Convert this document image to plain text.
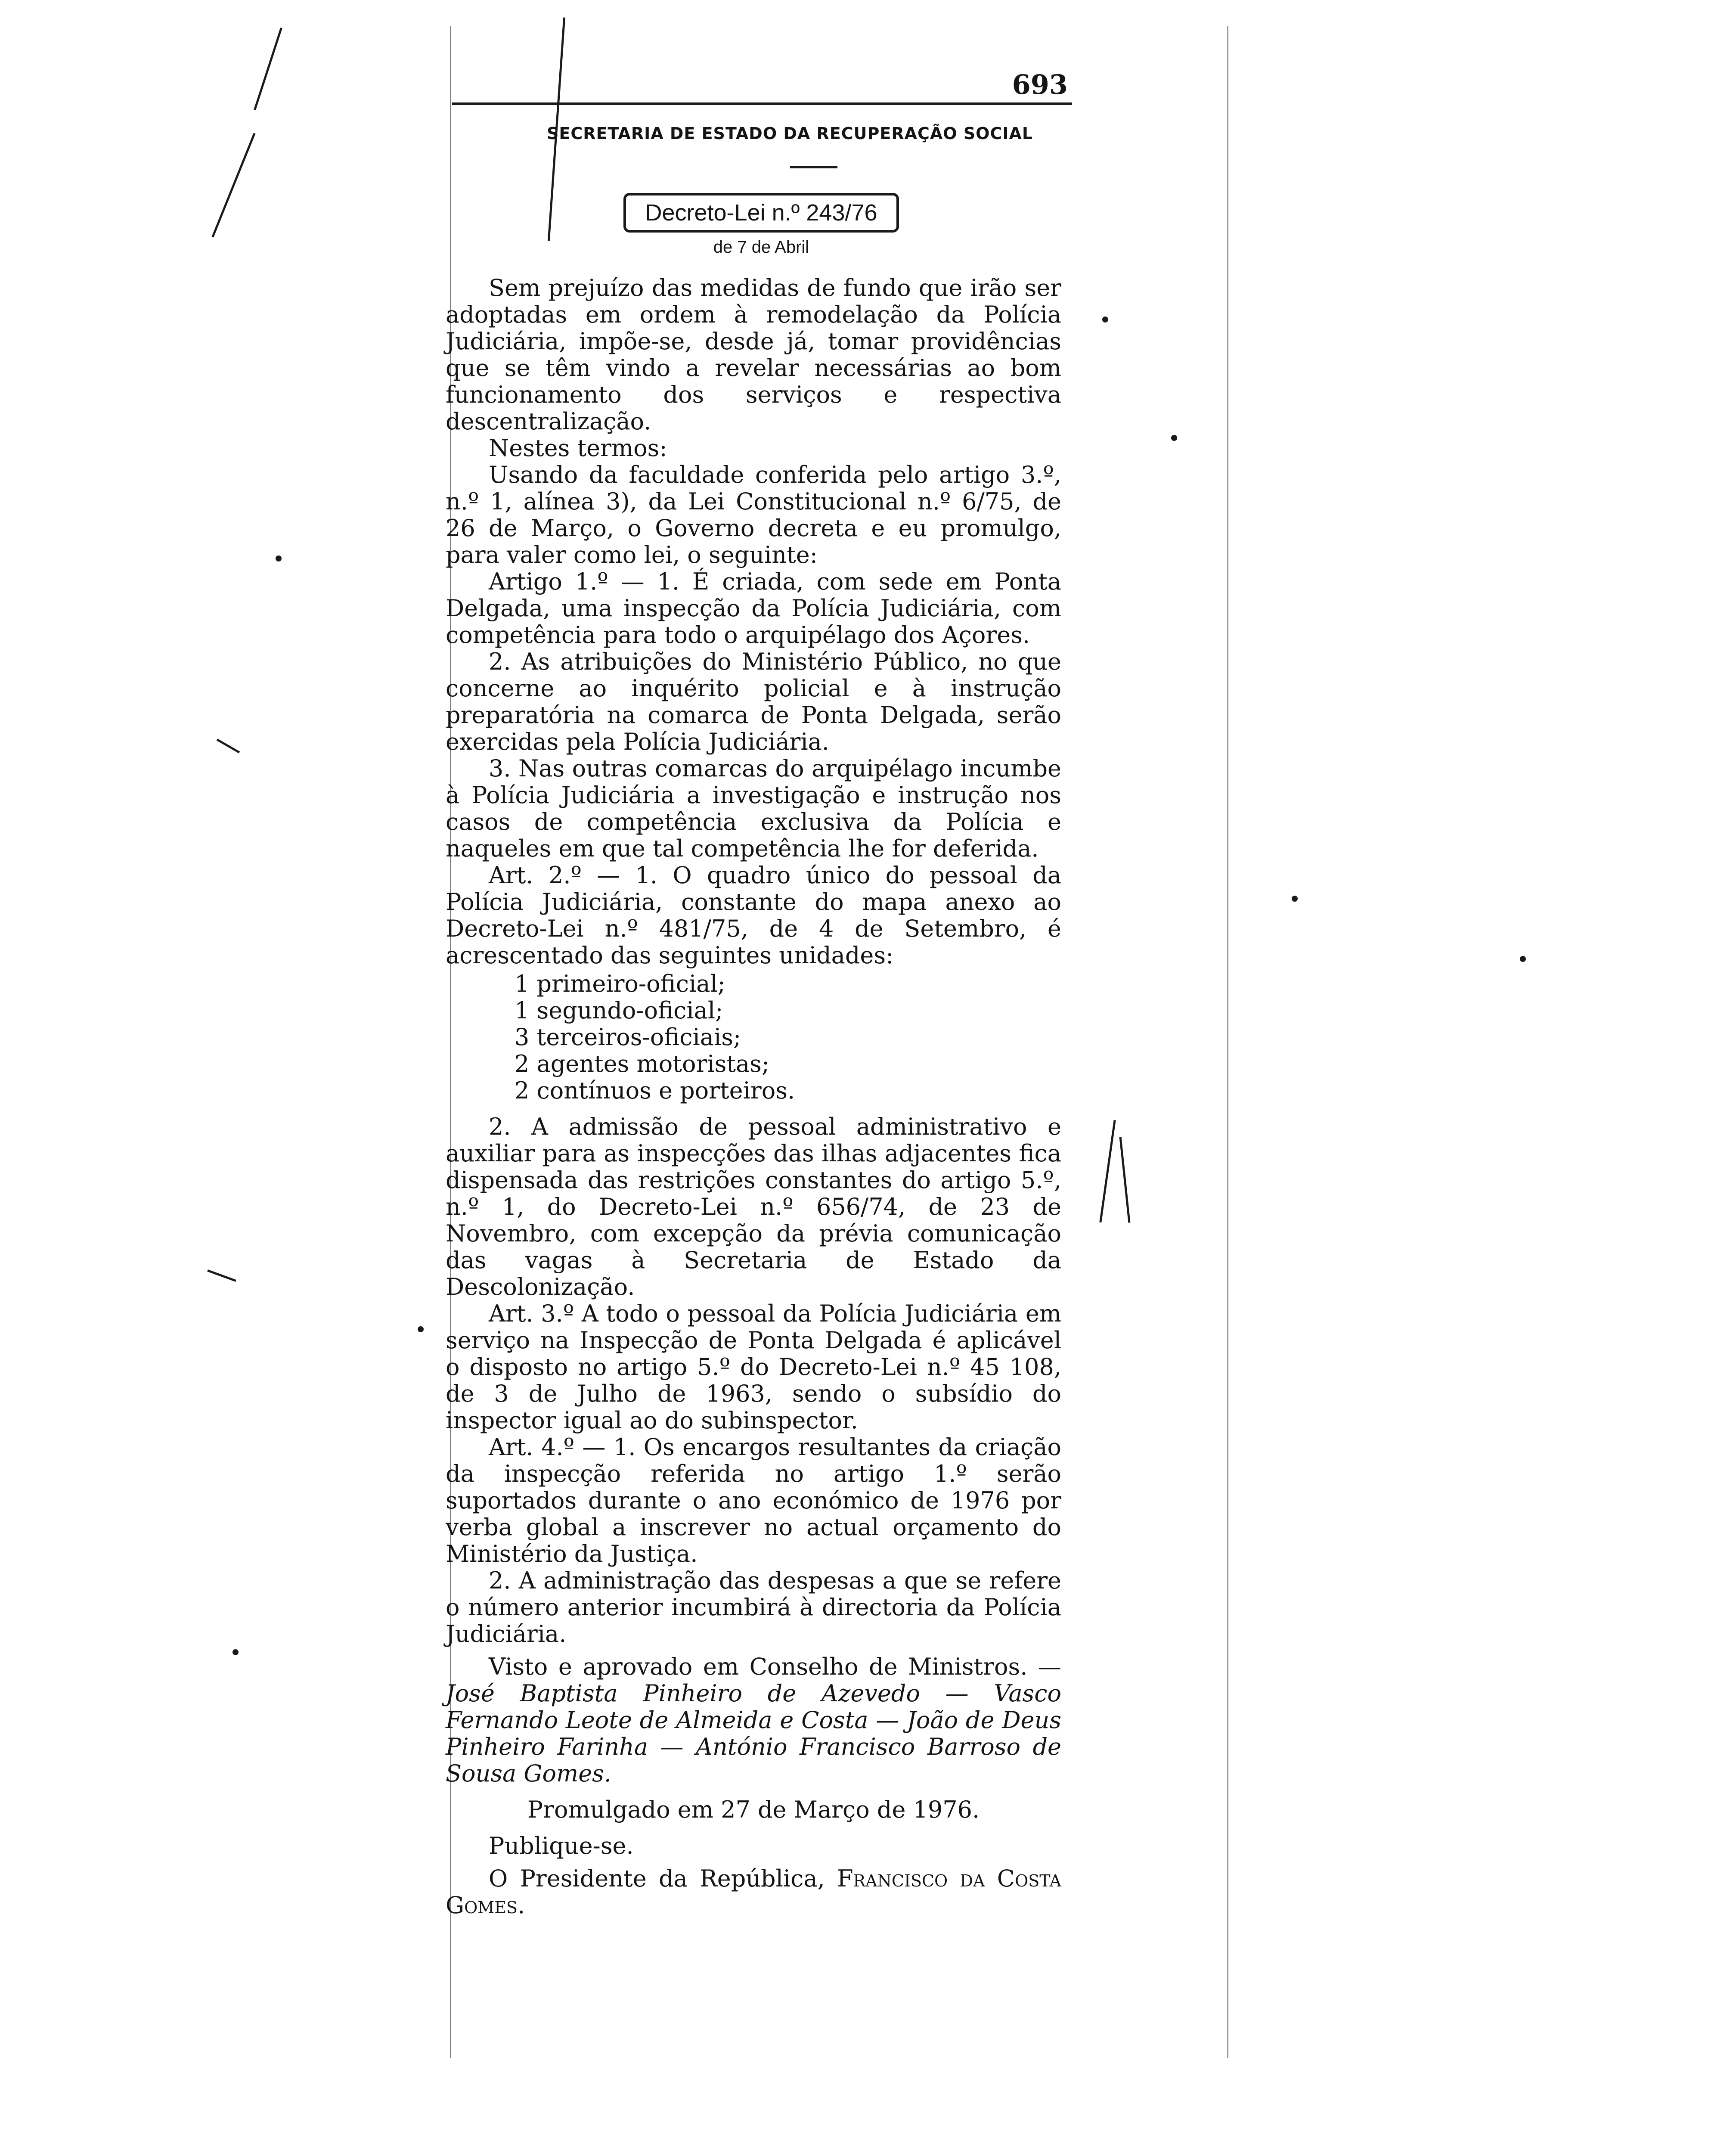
693
SECRETARIA DE ESTADO DA RECUPERAÇÃO SOCIAL
Decreto-Lei n.º 243/76
de 7 de Abril

Sem prejuízo das medidas de fundo que irão ser adoptadas em ordem à remodelação da Polícia Judiciária, impõe-se, desde já, tomar providências que se têm vindo a revelar necessárias ao bom funcionamento dos serviços e respectiva descentralização.

Nestes termos:

Usando da faculdade conferida pelo artigo 3.º, n.º 1, alínea 3), da Lei Constitucional n.º 6/75, de 26 de Março, o Governo decreta e eu promulgo, para valer como lei, o seguinte:

Artigo 1.º — 1. É criada, com sede em Ponta Delgada, uma inspecção da Polícia Judiciária, com competência para todo o arquipélago dos Açores.

2. As atribuições do Ministério Público, no que concerne ao inquérito policial e à instrução preparatória na comarca de Ponta Delgada, serão exercidas pela Polícia Judiciária.

3. Nas outras comarcas do arquipélago incumbe à Polícia Judiciária a investigação e instrução nos casos de competência exclusiva da Polícia e naqueles em que tal competência lhe for deferida.

Art. 2.º — 1. O quadro único do pessoal da Polícia Judiciária, constante do mapa anexo ao Decreto-Lei n.º 481/75, de 4 de Setembro, é acrescentado das seguintes unidades:

1 primeiro-oficial;
1 segundo-oficial;
3 terceiros-oficiais;
2 agentes motoristas;
2 contínuos e porteiros.

2. A admissão de pessoal administrativo e auxiliar para as inspecções das ilhas adjacentes fica dispensada das restrições constantes do artigo 5.º, n.º 1, do Decreto-Lei n.º 656/74, de 23 de Novembro, com excepção da prévia comunicação das vagas à Secretaria de Estado da Descolonização.

Art. 3.º A todo o pessoal da Polícia Judiciária em serviço na Inspecção de Ponta Delgada é aplicável o disposto no artigo 5.º do Decreto-Lei n.º 45 108, de 3 de Julho de 1963, sendo o subsídio do inspector igual ao do subinspector.

Art. 4.º — 1. Os encargos resultantes da criação da inspecção referida no artigo 1.º serão suportados durante o ano económico de 1976 por verba global a inscrever no actual orçamento do Ministério da Justiça.

2. A administração das despesas a que se refere o número anterior incumbirá à directoria da Polícia Judiciária.

Visto e aprovado em Conselho de Ministros. — José Baptista Pinheiro de Azevedo — Vasco Fernando Leote de Almeida e Costa — João de Deus Pinheiro Farinha — António Francisco Barroso de Sousa Gomes.

Promulgado em 27 de Março de 1976.

Publique-se.

O Presidente da República, Francisco da Costa Gomes.
